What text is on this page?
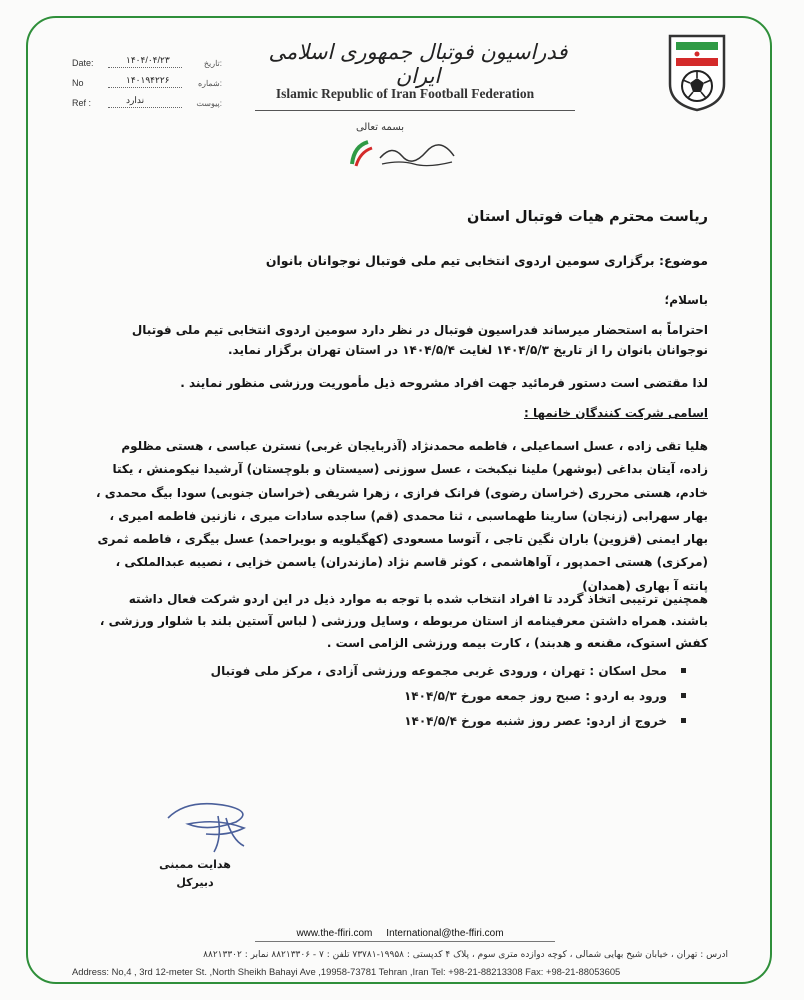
Date:	۱۴۰۴/۰۴/۲۳	تاریخ:
No	۱۴۰۱۹۴۲۲۶	شماره:
Ref :	ندارد	پیوست:
فدراسیون فوتبال جمهوری اسلامی ایران
Islamic Republic of Iran Football Federation
بسمه تعالی
ریاست محترم هیات فوتبال استان
موضوع: برگزاری سومین اردوی انتخابی تیم ملی فوتبال نوجوانان بانوان
باسلام؛
احتراماً به استحضار میرساند فدراسیون فوتبال در نظر دارد سومین اردوی انتخابی تیم ملی فوتبال نوجوانان بانوان را از تاریخ ۱۴۰۴/۵/۳ لغایت ۱۴۰۴/۵/۴ در استان تهران برگزار نماید.
لذا مقتضی است دستور فرمائید جهت افراد مشروحه ذیل مأموریت ورزشی منظور نمایند .
اسامی شرکت کنندگان خانمها :
هلیا تقی زاده ، عسل اسماعیلی ، فاطمه محمدنژاد (آذربایجان غربی) نسترن عباسی ، هستی مظلوم زاده، آیتان بداغی (بوشهر) ملینا نیکبخت ، عسل سوزنی (سیستان و بلوچستان) آرشیدا نیکومنش ، یکتا خادم، هستی محرری (خراسان رضوی) فرانک فرازی ، زهرا شریفی (خراسان جنوبی) سودا بیگ محمدی ، بهار سهرابی (زنجان) سارینا طهماسبی ، ثنا محمدی (قم) ساجده سادات میری ، نازنین فاطمه امیری ، بهار ایمنی (قزوین) باران نگین تاجی ، آتوسا مسعودی (کهگیلویه و بویراحمد) عسل بیگری ، فاطمه ثمری (مرکزی) هستی احمدپور ، آواهاشمی ، کوثر قاسم نژاد (مازندران) یاسمن خزایی ، نصیبه عبدالملکی ، پانته آ بهاری (همدان)
همچنین ترتیبی اتخاذ گردد تا افراد انتخاب شده با توجه به موارد ذیل در این اردو شرکت فعال داشته باشند. همراه داشتن معرفینامه از استان مربوطه ، وسایل ورزشی ( لباس آستین بلند با شلوار ورزشی ، کفش استوک، مقنعه و هدبند) ، کارت بیمه ورزشی الزامی است .
محل اسکان : تهران ، ورودی غربی مجموعه ورزشی آزادی ، مرکز ملی فوتبال
ورود به اردو : صبح روز جمعه مورخ ۱۴۰۴/۵/۳
خروج از اردو: عصر روز شنبه مورخ ۱۴۰۴/۵/۴
هدایت ممبنی
دبیرکل
www.the-ffiri.com International@the-ffiri.com
آدرس : تهران ، خیابان شیخ بهایی شمالی ، کوچه دوازده متری سوم ، پلاک ۴ کدپستی : ۱۹۹۵۸-۷۳۷۸۱ تلفن : ۷ - ۸۸۲۱۳۳۰۶ نمابر : ۸۸۲۱۳۳۰۲
Address: No,4 , 3rd 12-meter St. ,North Sheikh Bahayi Ave ,19958-73781 Tehran ,Iran Tel: +98-21-88213308 Fax: +98-21-88053605
